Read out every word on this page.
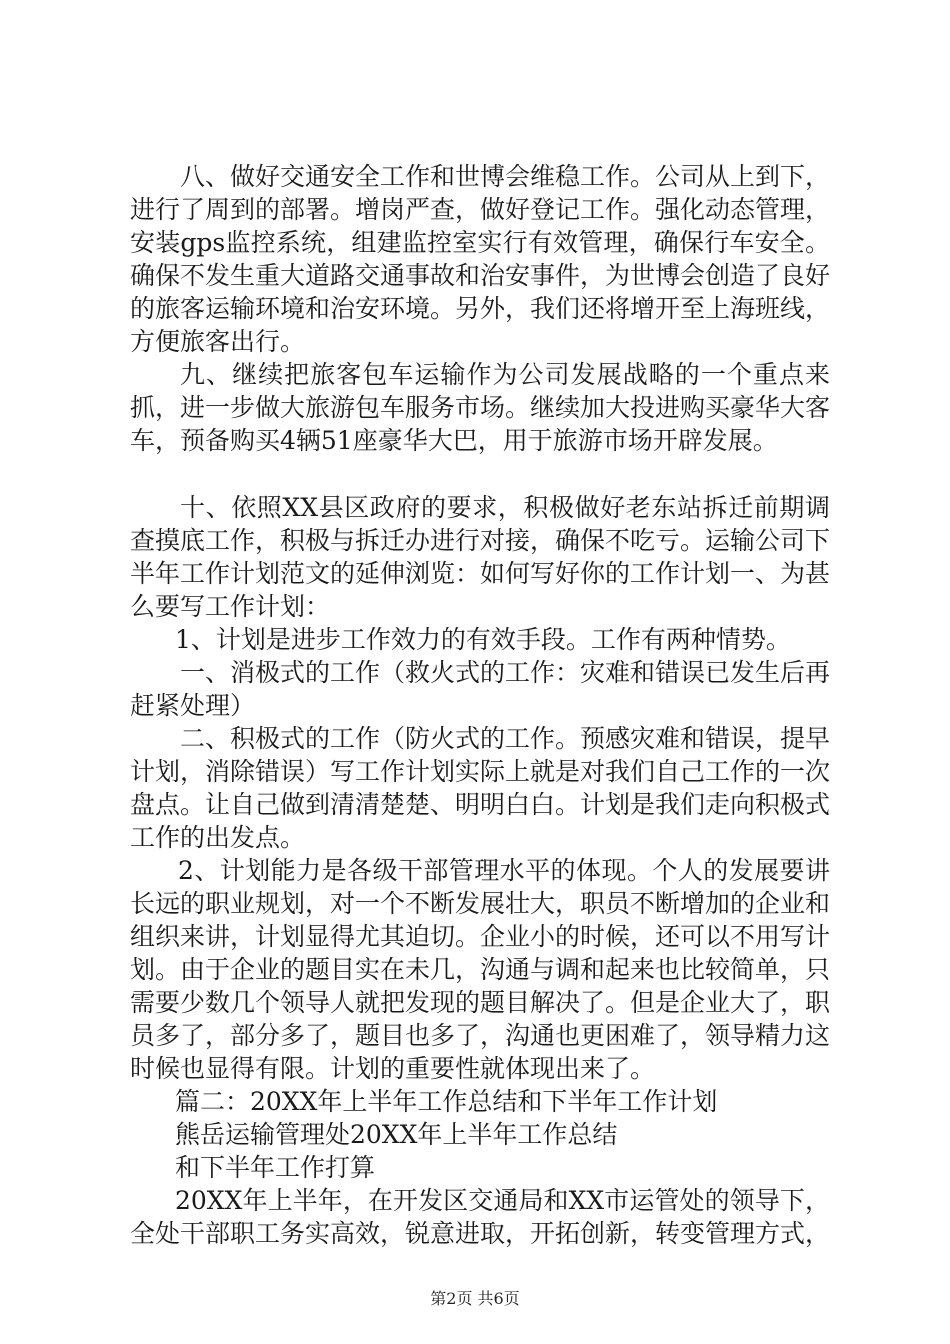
八、做好交通安全工作和世博会维稳工作。公司从上到下，进行了周到的部署。增岗严查，做好登记工作。强化动态管理，安装gps监控系统，组建监控室实行有效管理，确保行车安全。确保不发生重大道路交通事故和治安事件，为世博会创造了良好的旅客运输环境和治安环境。另外，我们还将增开至上海班线，方便旅客出行。

九、继续把旅客包车运输作为公司发展战略的一个重点来抓，进一步做大旅游包车服务市场。继续加大投进购买豪华大客车，预备购买4辆51座豪华大巴，用于旅游市场开辟发展。

十、依照XX县区政府的要求，积极做好老东站拆迁前期调查摸底工作，积极与拆迁办进行对接，确保不吃亏。运输公司下半年工作计划范文的延伸浏览：如何写好你的工作计划一、为甚么要写工作计划：

1、计划是进步工作效力的有效手段。工作有两种情势。

一、消极式的工作（救火式的工作：灾难和错误已发生后再赶紧处理）

二、积极式的工作（防火式的工作。预感灾难和错误，提早计划，消除错误）写工作计划实际上就是对我们自己工作的一次盘点。让自己做到清清楚楚、明明白白。计划是我们走向积极式工作的出发点。

2、计划能力是各级干部管理水平的体现。个人的发展要讲长远的职业规划，对一个不断发展壮大，职员不断增加的企业和组织来讲，计划显得尤其迫切。企业小的时候，还可以不用写计划。由于企业的题目实在未几，沟通与调和起来也比较简单，只需要少数几个领导人就把发现的题目解决了。但是企业大了，职员多了，部分多了，题目也多了，沟通也更困难了，领导精力这时候也显得有限。计划的重要性就体现出来了。

篇二：20XX年上半年工作总结和下半年工作计划

熊岳运输管理处20XX年上半年工作总结

和下半年工作打算

20XX年上半年，在开发区交通局和XX市运管处的领导下，全处干部职工务实高效，锐意进取，开拓创新，转变管理方式，

第2页 共6页
